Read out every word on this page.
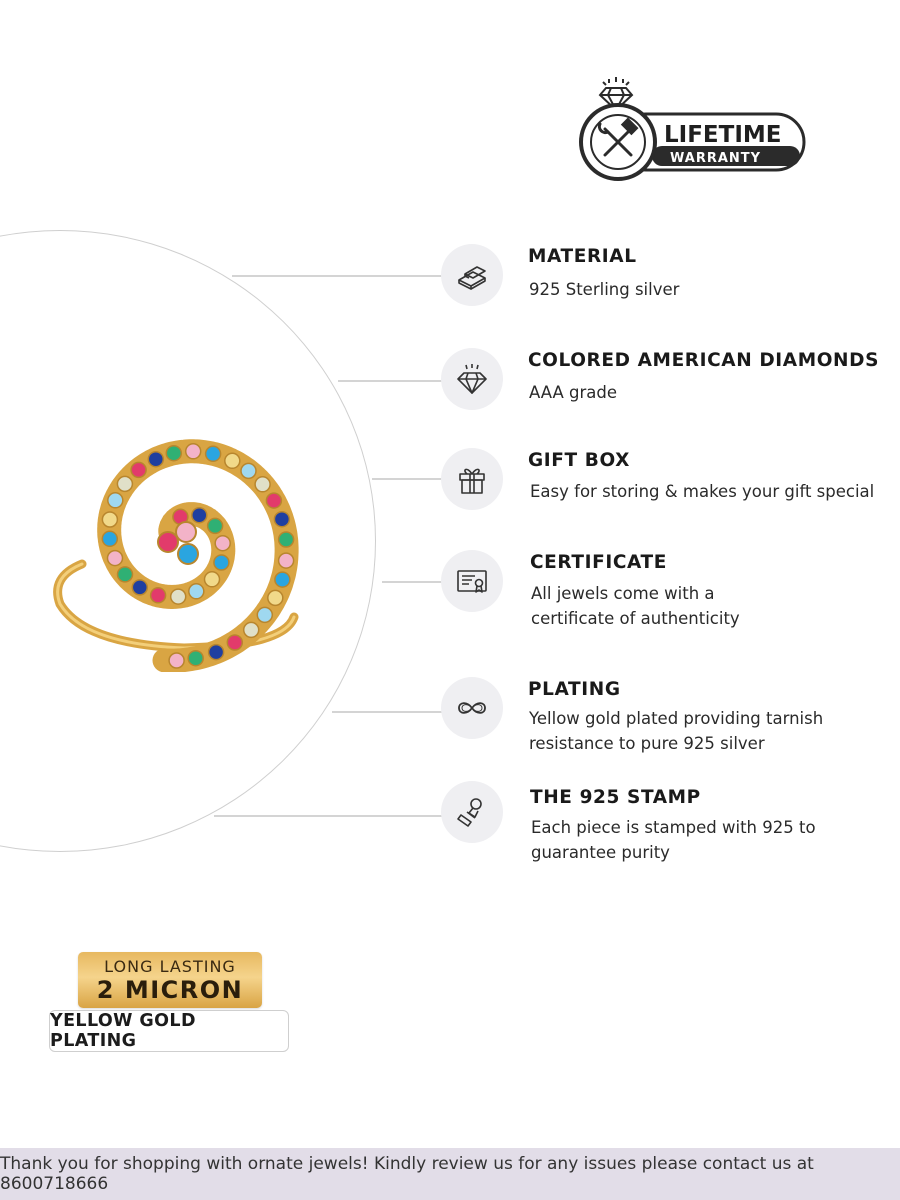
LIFETIME
WARRANTY
MATERIAL
925 Sterling silver
COLORED AMERICAN DIAMONDS
AAA grade
GIFT BOX
Easy for storing & makes your gift special
CERTIFICATE
All jewels come with a
certificate of authenticity
PLATING
Yellow gold plated providing tarnish
resistance to pure 925 silver
THE 925 STAMP
Each piece is stamped with 925 to
guarantee purity
LONG LASTING
2 MICRON
YELLOW GOLD PLATING
Thank you for shopping with ornate jewels! Kindly review us for any issues please contact us at 8600718666
